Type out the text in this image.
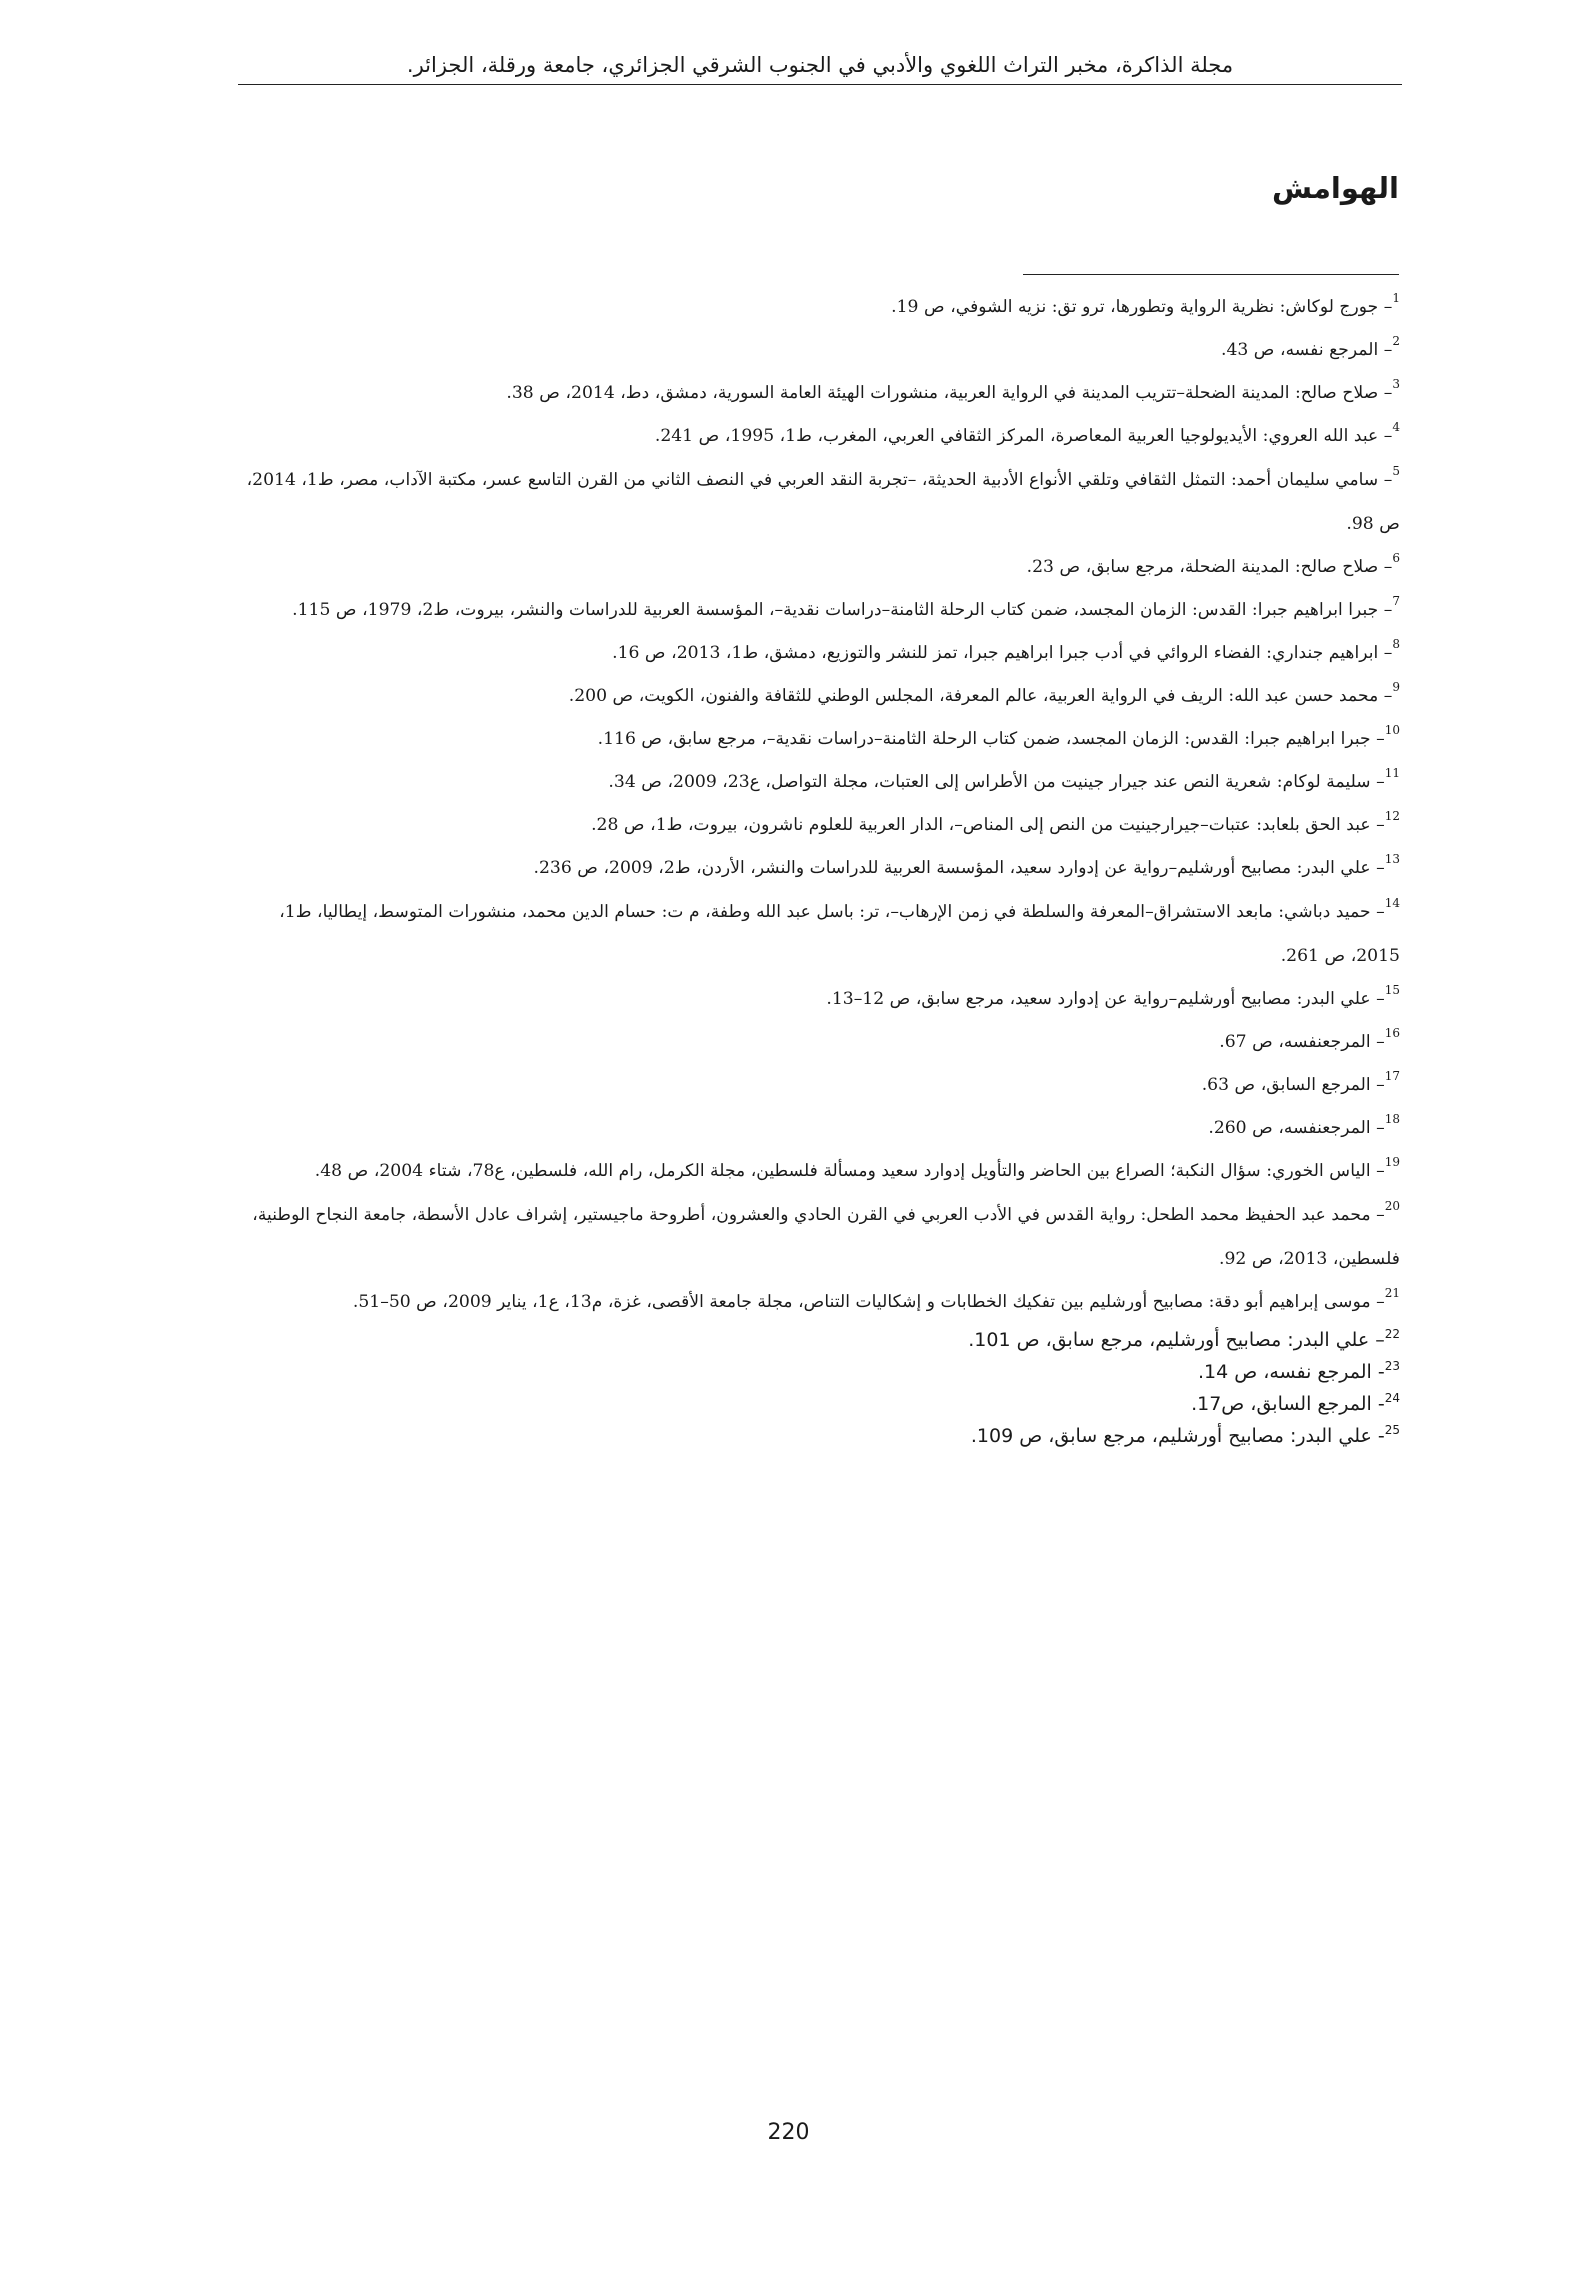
مجلة الذاكرة، مخبر التراث اللغوي والأدبي في الجنوب الشرقي الجزائري، جامعة ورقلة، الجزائر.
الهوامش
$^1$– جورج لوكاش: نظرية الرواية وتطورها، ترو تق: نزيه الشوفي، ص 19.
$^2$– المرجع نفسه، ص 43.
$^3$– صلاح صالح: المدينة الضحلة–تتريب المدينة في الرواية العربية، منشورات الهيئة العامة السورية، دمشق، دط، 2014، ص 38.
$^4$– عبد الله العروي: الأيديولوجيا العربية المعاصرة، المركز الثقافي العربي، المغرب، ط1، 1995، ص 241.
$^5$– سامي سليمان أحمد: التمثل الثقافي وتلقي الأنواع الأدبية الحديثة، –تجربة النقد العربي في النصف الثاني من القرن التاسع عسر، مكتبة الآداب، مصر، ط1، 2014، ص 98.
$^6$– صلاح صالح: المدينة الضحلة، مرجع سابق، ص 23.
$^7$– جبرا ابراهيم جبرا: القدس: الزمان المجسد، ضمن كتاب الرحلة الثامنة–دراسات نقدية–، المؤسسة العربية للدراسات والنشر، بيروت، ط2، 1979، ص 115.
$^8$– ابراهيم جنداري: الفضاء الروائي في أدب جبرا ابراهيم جبرا، تمز للنشر والتوزيع، دمشق، ط1، 2013، ص 16.
$^9$– محمد حسن عبد الله: الريف في الرواية العربية، عالم المعرفة، المجلس الوطني للثقافة والفنون، الكويت، ص 200.
$^{10}$– جبرا ابراهيم جبرا: القدس: الزمان المجسد، ضمن كتاب الرحلة الثامنة–دراسات نقدية–، مرجع سابق، ص 116.
$^{11}$– سليمة لوكام: شعرية النص عند جيرار جينيت من الأطراس إلى العتبات، مجلة التواصل، ع23، 2009، ص 34.
$^{12}$– عبد الحق بلعابد: عتبات–جيرارجينيت من النص إلى المناص–، الدار العربية للعلوم ناشرون، بيروت، ط1، ص 28.
$^{13}$– علي البدر: مصابيح أورشليم–رواية عن إدوارد سعيد، المؤسسة العربية للدراسات والنشر، الأردن، ط2، 2009، ص 236.
$^{14}$– حميد دباشي: مابعد الاستشراق–المعرفة والسلطة في زمن الإرهاب–، تر: باسل عبد الله وطفة، م ت: حسام الدين محمد، منشورات المتوسط، إيطاليا، ط1، 2015، ص 261.
$^{15}$– علي البدر: مصابيح أورشليم–رواية عن إدوارد سعيد، مرجع سابق، ص 12–13.
$^{16}$– المرجعنفسه، ص 67.
$^{17}$– المرجع السابق، ص 63.
$^{18}$– المرجعنفسه، ص 260.
$^{19}$– الياس الخوري: سؤال النكبة؛ الصراع بين الحاضر والتأويل إدوارد سعيد ومسألة فلسطين، مجلة الكرمل، رام الله، فلسطين، ع78، شتاء 2004، ص 48.
$^{20}$– محمد عبد الحفيظ محمد الطحل: رواية القدس في الأدب العربي في القرن الحادي والعشرون، أطروحة ماجيستير، إشراف عادل الأسطة، جامعة النجاح الوطنية، فلسطين، 2013، ص 92.
$^{21}$– موسى إبراهيم أبو دقة: مصابيح أورشليم بين تفكيك الخطابات و إشكاليات التناص، مجلة جامعة الأقصى، غزة، م13، ع1، يناير 2009، ص 50–51.
$^{22}$– علي البدر: مصابيح أورشليم، مرجع سابق، ص 101.
$^{23}$- المرجع نفسه، ص 14.
$^{24}$- المرجع السابق، ص17.
$^{25}$- علي البدر: مصابيح أورشليم، مرجع سابق، ص 109.
220
